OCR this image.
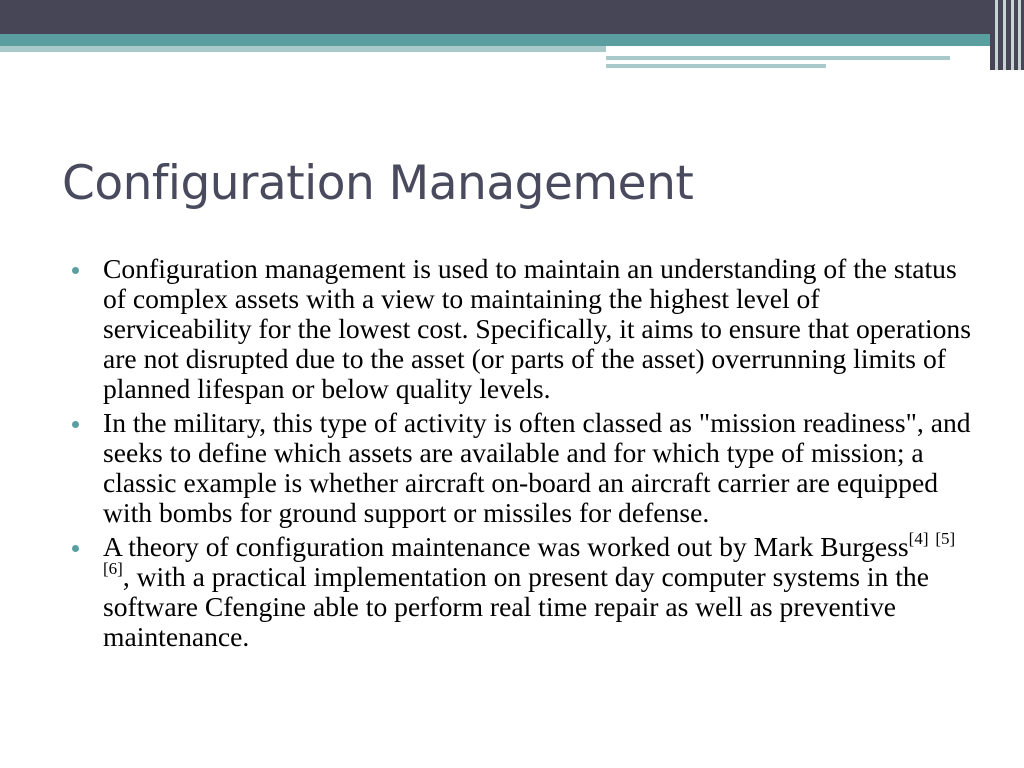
Configuration Management
Configuration management is used to maintain an understanding of the status of complex assets with a view to maintaining the highest level of serviceability for the lowest cost. Specifically, it aims to ensure that operations are not disrupted due to the asset (or parts of the asset) overrunning limits of planned lifespan or below quality levels.
In the military, this type of activity is often classed as "mission readiness", and seeks to define which assets are available and for which type of mission; a classic example is whether aircraft on-board an aircraft carrier are equipped with bombs for ground support or missiles for defense.
A theory of configuration maintenance was worked out by Mark Burgess[4] [5] [6], with a practical implementation on present day computer systems in the software Cfengine able to perform real time repair as well as preventive maintenance.
